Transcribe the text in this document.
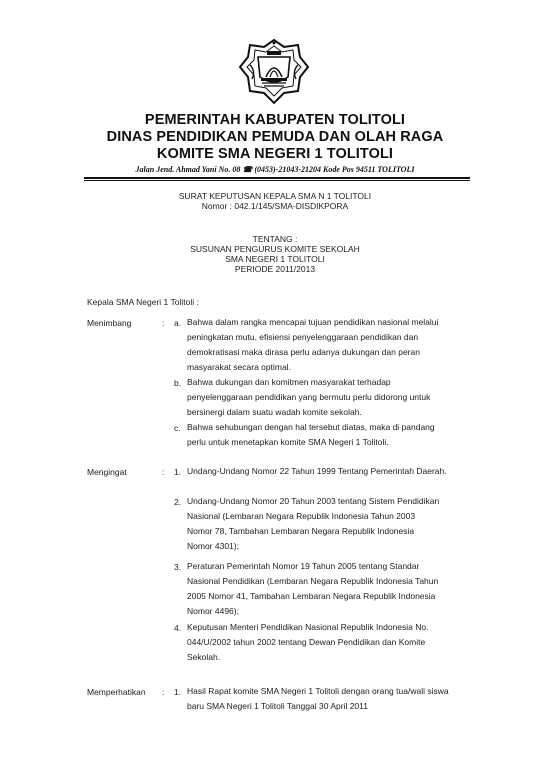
PEMERINTAH KABUPATEN TOLITOLI
DINAS PENDIDIKAN PEMUDA DAN OLAH RAGA
KOMITE SMA NEGERI 1 TOLITOLI
Jalan Jend. Ahmad Yani No. 08 ☎ (0453)-21043-21204 Kode Pos 94511 TOLITOLI
SURAT KEPUTUSAN KEPALA SMA N 1 TOLITOLI
Nomor : 042.1/145/SMA-DISDIKPORA
TENTANG :
SUSUNAN PENGURUS KOMITE SEKOLAH
SMA NEGERI 1 TOLITOLI
PERIODE 2011/2013
Kepala SMA Negeri 1 Tolitoli :
Menimbang	: a. Bahwa dalam rangka mencapai tujuan pendidikan nasional melalui
peningkatan mutu, efisiensi penyelenggaraan pendidikan dan
demokratisasi maka dirasa perlu adanya dukungan dan peran
masyarakat secara optimal.
b. Bahwa dukungan dan komitmen masyarakat terhadap
penyelenggaraan pendidikan yang bermutu perlu didorong untuk
bersinergi dalam suatu wadah komite sekolah.
c. Bahwa sehubungan dengan hal tersebut diatas, maka di pandang
perlu untuk menetapkan komite SMA Negeri 1 Tolitoli.
Mengingat	: 1. Undang-Undang Nomor 22 Tahun 1999 Tentang Pemerintah Daerah.
2. Undang-Undang Nomor 20 Tahun 2003 tentang Sistem Pendidikan
Nasional (Lembaran Negara Republik Indonesia Tahun 2003
Nomor 78, Tambahan Lembaran Negara Republik Indonesia
Nomor 4301);
3. Peraturan Pemerintah Nomor 19 Tahun 2005 tentang Standar
Nasional Pendidikan (Lembaran Negara Republik Indonesia Tahun
2005 Nomor 41, Tambahan Lembaran Negara Republik Indonesia
Nomor 4496);
4. Keputusan Menteri Pendidikan Nasional Republik Indonesia No.
044/U/2002 tahun 2002 tentang Dewan Pendidikan dan Komite
Sekolah.
Memperhatikan : 1. Hasil Rapat komite SMA Negeri 1 Tolitoli dengan orang tua/wali siswa
baru SMA Negeri 1 Tolitoli Tanggal 30 April 2011
